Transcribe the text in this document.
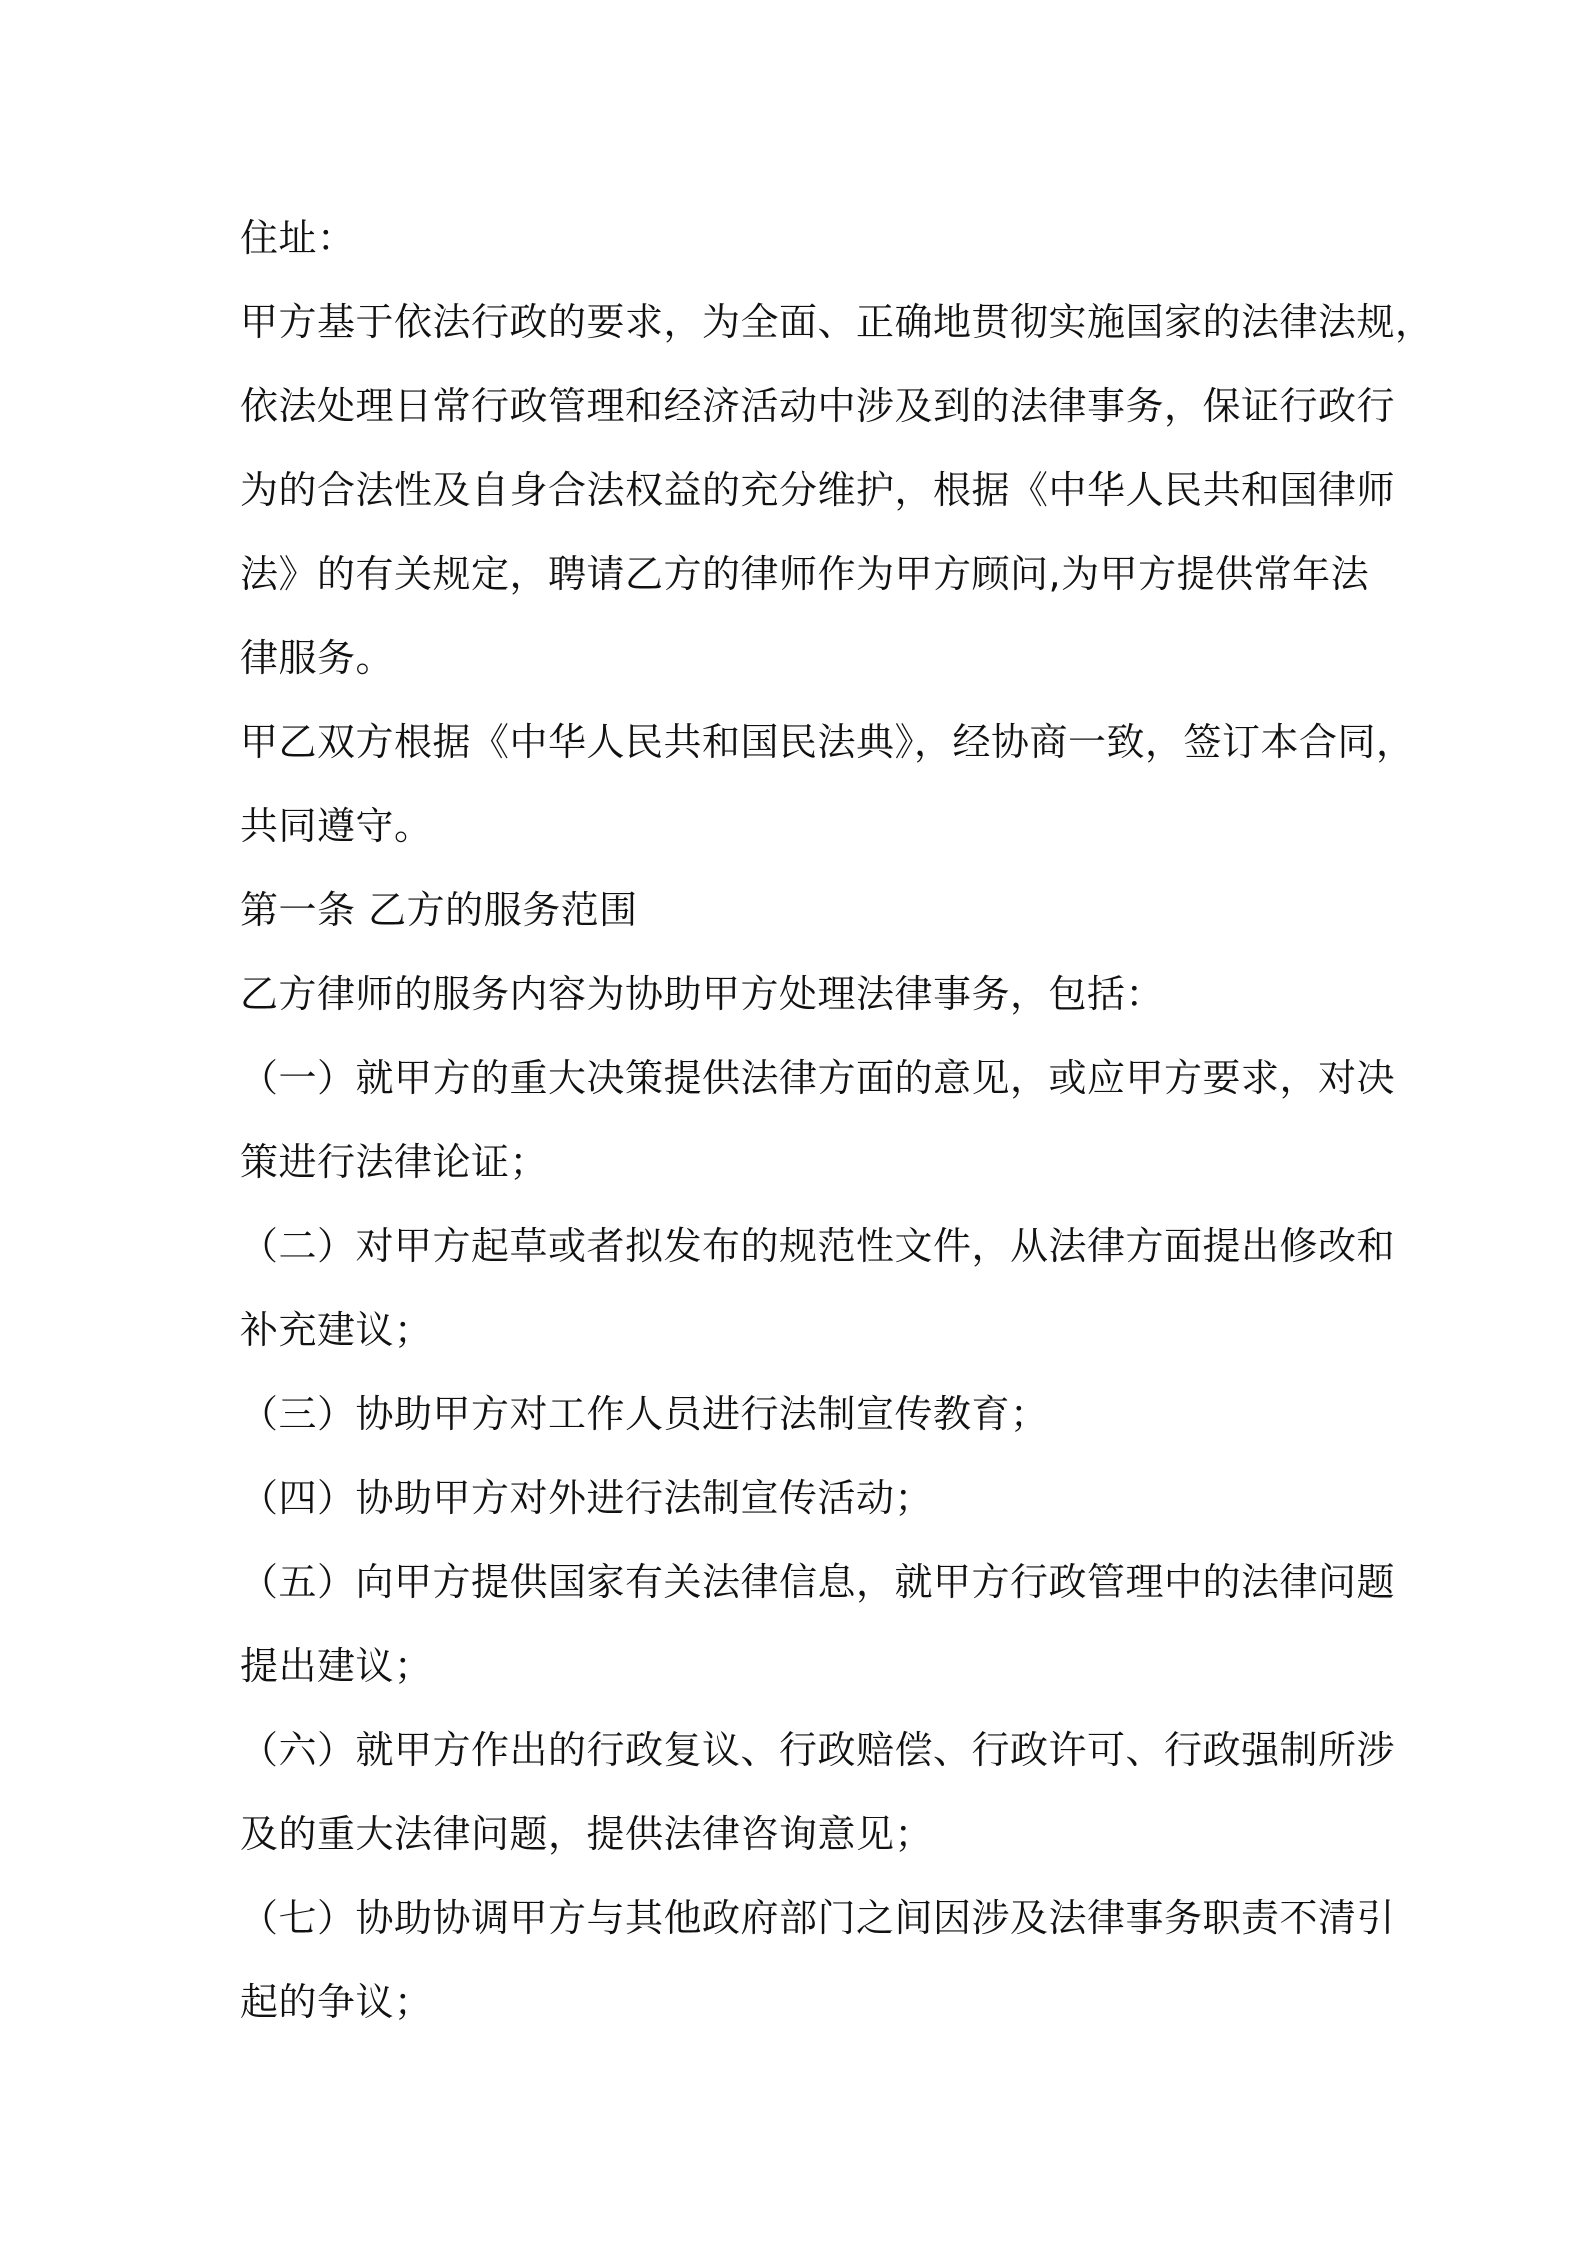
住址：
甲方基于依法行政的要求，为全面、正确地贯彻实施国家的法律法规，
依法处理日常行政管理和经济活动中涉及到的法律事务，保证行政行
为的合法性及自身合法权益的充分维护，根据《中华人民共和国律师
法》的有关规定，聘请乙方的律师作为甲方顾问,为甲方提供常年法
律服务。
甲乙双方根据《中华人民共和国民法典》，经协商一致，签订本合同，
共同遵守。
第一条 乙方的服务范围
乙方律师的服务内容为协助甲方处理法律事务，包括：
（一）就甲方的重大决策提供法律方面的意见，或应甲方要求，对决
策进行法律论证；
（二）对甲方起草或者拟发布的规范性文件，从法律方面提出修改和
补充建议；
（三）协助甲方对工作人员进行法制宣传教育；
（四）协助甲方对外进行法制宣传活动；
（五）向甲方提供国家有关法律信息，就甲方行政管理中的法律问题
提出建议；
（六）就甲方作出的行政复议、行政赔偿、行政许可、行政强制所涉
及的重大法律问题，提供法律咨询意见；
（七）协助协调甲方与其他政府部门之间因涉及法律事务职责不清引
起的争议；
